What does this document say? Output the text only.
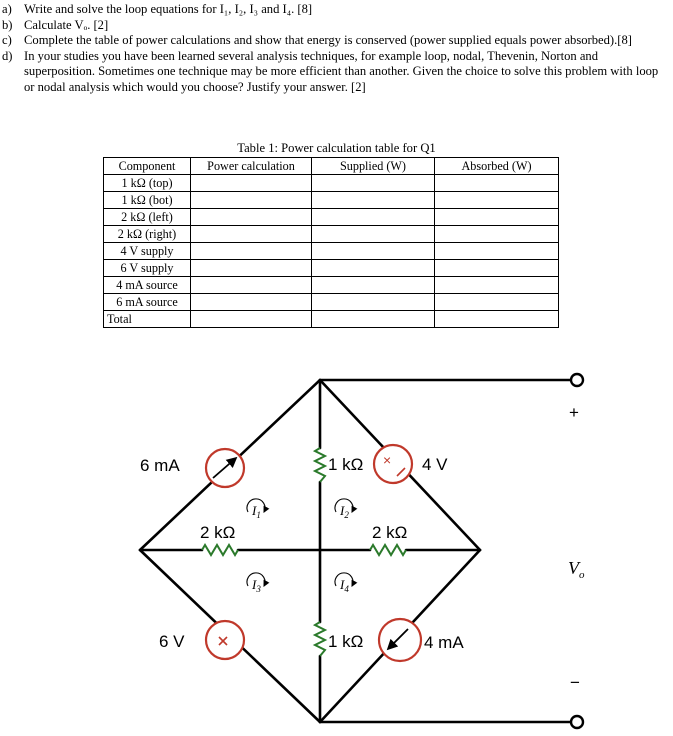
a) Write and solve the loop equations for I₁, I₂, I₃ and I₄. [8]
b) Calculate Vₒ. [2]
c) Complete the table of power calculations and show that energy is conserved (power supplied equals power absorbed).[8]
d) In your studies you have been learned several analysis techniques, for example loop, nodal, Thevenin, Norton and superposition. Sometimes one technique may be more efficient than another. Given the choice to solve this problem with loop or nodal analysis which would you choose? Justify your answer. [2]
Table 1: Power calculation table for Q1
Component	Power calculation	Supplied (W)	Absorbed (W)
1 kΩ (top)			
1 kΩ (bot)			
2 kΩ (left)			
2 kΩ (right)			
4 V supply			
6 V supply			
4 mA source			
6 mA source			
Total			
×
6 mA	1 kΩ	4 V
2 kΩ	2 kΩ
6 V	1 kΩ	4 mA
+
−
$V_o$
$I_1$	$I_2$
$I_3$	$I_4$
